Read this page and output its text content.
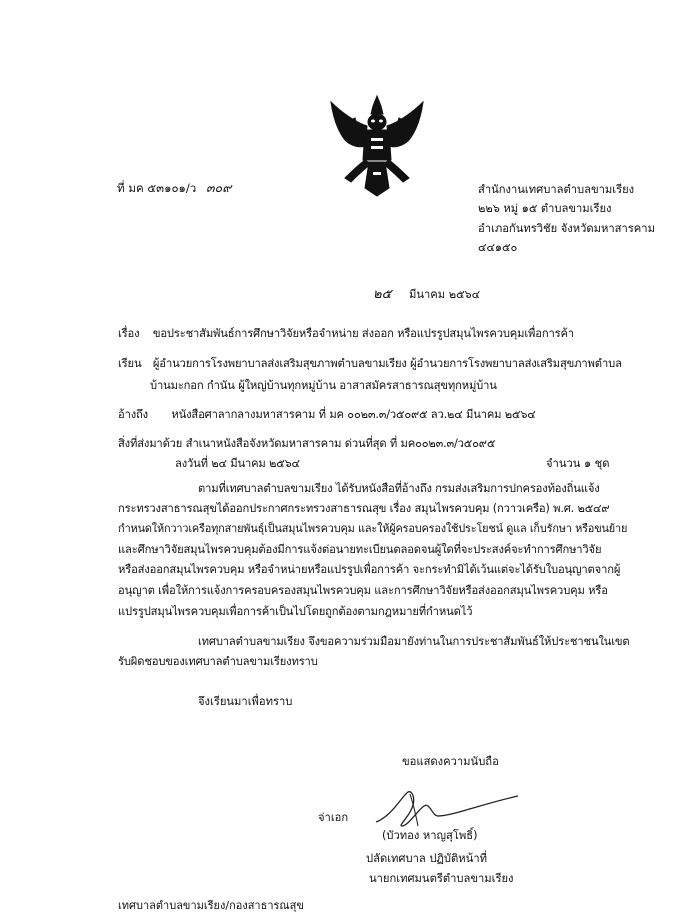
ที่ มค ๕๓๑๐๑/ว ๓๐๙	สำนักงานเทศบาลตำบลขามเรียง
๒๒๖ หมู่ ๑๕ ตำบลขามเรียง
อำเภอกันทรวิชัย จังหวัดมหาสารคาม
๔๔๑๕๐
๒๕ มีนาคม ๒๕๖๔
เรื่อง ขอประชาสัมพันธ์การศึกษาวิจัยหรือจำหน่าย ส่งออก หรือแปรรูปสมุนไพรควบคุมเพื่อการค้า
เรียน ผู้อำนวยการโรงพยาบาลส่งเสริมสุขภาพตำบลขามเรียง ผู้อำนวยการโรงพยาบาลส่งเสริมสุขภาพตำบล
บ้านมะกอก กำนัน ผู้ใหญ่บ้านทุกหมู่บ้าน อาสาสมัครสาธารณสุขทุกหมู่บ้าน
อ้างถึง หนังสือศาลากลางมหาสารคาม ที่ มค ๐๐๒๓.๓/ว๕๐๙๕ ลว.๒๔ มีนาคม ๒๕๖๔
สิ่งที่ส่งมาด้วย สำเนาหนังสือจังหวัดมหาสารคาม ด่วนที่สุด ที่ มค๐๐๒๓.๓/ว๕๐๙๕
ลงวันที่ ๒๔ มีนาคม ๒๕๖๔	จำนวน ๑ ชุด
ตามที่เทศบาลตำบลขามเรียง ได้รับหนังสือที่อ้างถึง กรมส่งเสริมการปกครองท้องถิ่นแจ้ง
กระทรวงสาธารณสุขได้ออกประกาศกระทรวงสาธารณสุข เรื่อง สมุนไพรควบคุม (กวาวเครือ) พ.ศ. ๒๕๔๙
กำหนดให้กวาวเครือทุกสายพันธุ์เป็นสมุนไพรควบคุม และให้ผู้ครอบครองใช้ประโยชน์ ดูแล เก็บรักษา หรือขนย้าย
และศึกษาวิจัยสมุนไพรควบคุมต้องมีการแจ้งต่อนายทะเบียนตลอดจนผู้ใดที่จะประสงค์จะทำการศึกษาวิจัย
หรือส่งออกสมุนไพรควบคุม หรือจำหน่ายหรือแปรรูปเพื่อการค้า จะกระทำมิได้เว้นแต่จะได้รับใบอนุญาตจากผู้
อนุญาต เพื่อให้การแจ้งการครอบครองสมุนไพรควบคุม และการศึกษาวิจัยหรือส่งออกสมุนไพรควบคุม หรือ
แปรรูปสมุนไพรควบคุมเพื่อการค้าเป็นไปโดยถูกต้องตามกฎหมายที่กำหนดไว้
เทศบาลตำบลขามเรียง จึงขอความร่วมมือมายังท่านในการประชาสัมพันธ์ให้ประชาชนในเขต
รับผิดชอบของเทศบาลตำบลขามเรียงทราบ
จึงเรียนมาเพื่อทราบ
ขอแสดงความนับถือ
จ่าเอก
(บัวทอง หาญสุโพธิ์)
ปลัดเทศบาล ปฏิบัติหน้าที่
นายกเทศมนตรีตำบลขามเรียง
เทศบาลตำบลขามเรียง/กองสาธารณสุข
